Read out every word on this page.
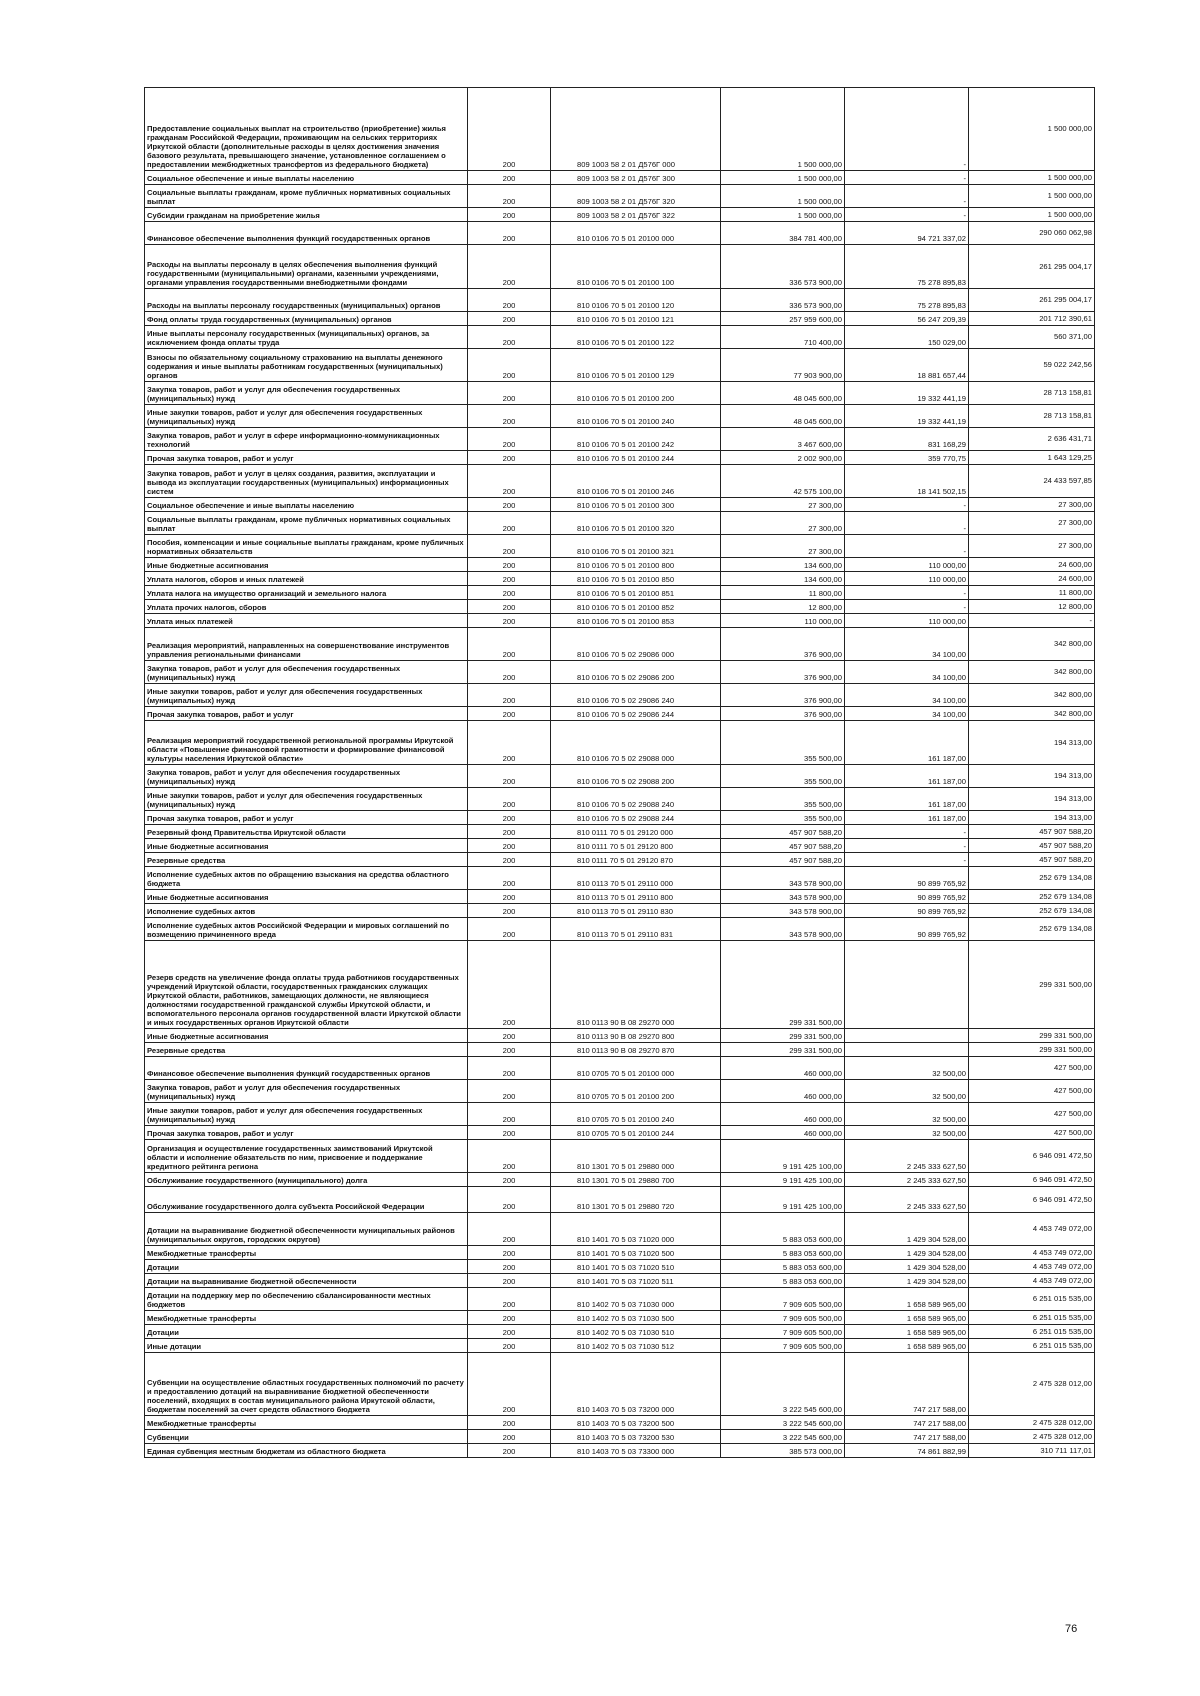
Предоставление социальных выплат на строительство (приобретение) жилья гражданам Российской Федерации, проживающим на сельских территориях Иркутской области (дополнительные расходы в целях достижения значения базового результата, превышающего значение, установленное соглашением о предоставлении межбюджетных трансфертов из федерального бюджета)	200	809 1003 58 2 01 Д576Г 000	1 500 000,00	-	1 500 000,00
Социальное обеспечение и иные выплаты населению	200	809 1003 58 2 01 Д576Г 300	1 500 000,00	-	1 500 000,00
Социальные выплаты гражданам, кроме публичных нормативных социальных выплат	200	809 1003 58 2 01 Д576Г 320	1 500 000,00	-	1 500 000,00
Субсидии гражданам на приобретение жилья	200	809 1003 58 2 01 Д576Г 322	1 500 000,00	-	1 500 000,00
Финансовое обеспечение выполнения функций государственных органов	200	810 0106 70 5 01 20100 000	384 781 400,00	94 721 337,02	290 060 062,98
Расходы на выплаты персоналу в целях обеспечения выполнения функций государственными (муниципальными) органами, казенными учреждениями, органами управления государственными внебюджетными фондами	200	810 0106 70 5 01 20100 100	336 573 900,00	75 278 895,83	261 295 004,17
Расходы на выплаты персоналу государственных (муниципальных) органов	200	810 0106 70 5 01 20100 120	336 573 900,00	75 278 895,83	261 295 004,17
Фонд оплаты труда государственных (муниципальных) органов	200	810 0106 70 5 01 20100 121	257 959 600,00	56 247 209,39	201 712 390,61
Иные выплаты персоналу государственных (муниципальных) органов, за исключением фонда оплаты труда	200	810 0106 70 5 01 20100 122	710 400,00	150 029,00	560 371,00
Взносы по обязательному социальному страхованию на выплаты денежного содержания и иные выплаты работникам государственных (муниципальных) органов	200	810 0106 70 5 01 20100 129	77 903 900,00	18 881 657,44	59 022 242,56
Закупка товаров, работ и услуг для обеспечения государственных (муниципальных) нужд	200	810 0106 70 5 01 20100 200	48 045 600,00	19 332 441,19	28 713 158,81
Иные закупки товаров, работ и услуг для обеспечения государственных (муниципальных) нужд	200	810 0106 70 5 01 20100 240	48 045 600,00	19 332 441,19	28 713 158,81
Закупка товаров, работ и услуг в сфере информационно-коммуникационных технологий	200	810 0106 70 5 01 20100 242	3 467 600,00	831 168,29	2 636 431,71
Прочая закупка товаров, работ и услуг	200	810 0106 70 5 01 20100 244	2 002 900,00	359 770,75	1 643 129,25
Закупка товаров, работ и услуг в целях создания, развития, эксплуатации и вывода из эксплуатации государственных (муниципальных) информационных систем	200	810 0106 70 5 01 20100 246	42 575 100,00	18 141 502,15	24 433 597,85
Социальное обеспечение и иные выплаты населению	200	810 0106 70 5 01 20100 300	27 300,00	-	27 300,00
Социальные выплаты гражданам, кроме публичных нормативных социальных выплат	200	810 0106 70 5 01 20100 320	27 300,00	-	27 300,00
Пособия, компенсации и иные социальные выплаты гражданам, кроме публичных нормативных обязательств	200	810 0106 70 5 01 20100 321	27 300,00	-	27 300,00
Иные бюджетные ассигнования	200	810 0106 70 5 01 20100 800	134 600,00	110 000,00	24 600,00
Уплата налогов, сборов и иных платежей	200	810 0106 70 5 01 20100 850	134 600,00	110 000,00	24 600,00
Уплата налога на имущество организаций и земельного налога	200	810 0106 70 5 01 20100 851	11 800,00	-	11 800,00
Уплата прочих налогов, сборов	200	810 0106 70 5 01 20100 852	12 800,00	-	12 800,00
Уплата иных платежей	200	810 0106 70 5 01 20100 853	110 000,00	110 000,00	-
Реализация мероприятий, направленных на совершенствование инструментов управления региональными финансами	200	810 0106 70 5 02 29086 000	376 900,00	34 100,00	342 800,00
Закупка товаров, работ и услуг для обеспечения государственных (муниципальных) нужд	200	810 0106 70 5 02 29086 200	376 900,00	34 100,00	342 800,00
Иные закупки товаров, работ и услуг для обеспечения государственных (муниципальных) нужд	200	810 0106 70 5 02 29086 240	376 900,00	34 100,00	342 800,00
Прочая закупка товаров, работ и услуг	200	810 0106 70 5 02 29086 244	376 900,00	34 100,00	342 800,00
Реализация мероприятий государственной региональной программы Иркутской области «Повышение финансовой грамотности и формирование финансовой культуры населения Иркутской области»	200	810 0106 70 5 02 29088 000	355 500,00	161 187,00	194 313,00
Закупка товаров, работ и услуг для обеспечения государственных (муниципальных) нужд	200	810 0106 70 5 02 29088 200	355 500,00	161 187,00	194 313,00
Иные закупки товаров, работ и услуг для обеспечения государственных (муниципальных) нужд	200	810 0106 70 5 02 29088 240	355 500,00	161 187,00	194 313,00
Прочая закупка товаров, работ и услуг	200	810 0106 70 5 02 29088 244	355 500,00	161 187,00	194 313,00
Резервный фонд Правительства Иркутской области	200	810 0111 70 5 01 29120 000	457 907 588,20	-	457 907 588,20
Иные бюджетные ассигнования	200	810 0111 70 5 01 29120 800	457 907 588,20	-	457 907 588,20
Резервные средства	200	810 0111 70 5 01 29120 870	457 907 588,20	-	457 907 588,20
Исполнение судебных актов по обращению взыскания на средства областного бюджета	200	810 0113 70 5 01 29110 000	343 578 900,00	90 899 765,92	252 679 134,08
Иные бюджетные ассигнования	200	810 0113 70 5 01 29110 800	343 578 900,00	90 899 765,92	252 679 134,08
Исполнение судебных актов	200	810 0113 70 5 01 29110 830	343 578 900,00	90 899 765,92	252 679 134,08
Исполнение судебных актов Российской Федерации и мировых соглашений по возмещению причиненного вреда	200	810 0113 70 5 01 29110 831	343 578 900,00	90 899 765,92	252 679 134,08
Резерв средств на увеличение фонда оплаты труда работников государственных учреждений Иркутской области, государственных гражданских служащих Иркутской области, работников, замещающих должности, не являющиеся должностями государственной гражданской службы Иркутской области, и вспомогательного персонала органов государственной власти Иркутской области и иных государственных органов Иркутской области	200	810 0113 90 В 08 29270 000	299 331 500,00		299 331 500,00
Иные бюджетные ассигнования	200	810 0113 90 В 08 29270 800	299 331 500,00		299 331 500,00
Резервные средства	200	810 0113 90 В 08 29270 870	299 331 500,00		299 331 500,00
Финансовое обеспечение выполнения функций государственных органов	200	810 0705 70 5 01 20100 000	460 000,00	32 500,00	427 500,00
Закупка товаров, работ и услуг для обеспечения государственных (муниципальных) нужд	200	810 0705 70 5 01 20100 200	460 000,00	32 500,00	427 500,00
Иные закупки товаров, работ и услуг для обеспечения государственных (муниципальных) нужд	200	810 0705 70 5 01 20100 240	460 000,00	32 500,00	427 500,00
Прочая закупка товаров, работ и услуг	200	810 0705 70 5 01 20100 244	460 000,00	32 500,00	427 500,00
Организация и осуществление государственных заимствований Иркутской области и исполнение обязательств по ним, присвоение и поддержание кредитного рейтинга региона	200	810 1301 70 5 01 29880 000	9 191 425 100,00	2 245 333 627,50	6 946 091 472,50
Обслуживание государственного (муниципального) долга	200	810 1301 70 5 01 29880 700	9 191 425 100,00	2 245 333 627,50	6 946 091 472,50
Обслуживание государственного долга субъекта Российской Федерации	200	810 1301 70 5 01 29880 720	9 191 425 100,00	2 245 333 627,50	6 946 091 472,50
Дотации на выравнивание бюджетной обеспеченности муниципальных районов (муниципальных округов, городских округов)	200	810 1401 70 5 03 71020 000	5 883 053 600,00	1 429 304 528,00	4 453 749 072,00
Межбюджетные трансферты	200	810 1401 70 5 03 71020 500	5 883 053 600,00	1 429 304 528,00	4 453 749 072,00
Дотации	200	810 1401 70 5 03 71020 510	5 883 053 600,00	1 429 304 528,00	4 453 749 072,00
Дотации на выравнивание бюджетной обеспеченности	200	810 1401 70 5 03 71020 511	5 883 053 600,00	1 429 304 528,00	4 453 749 072,00
Дотации на поддержку мер по обеспечению сбалансированности местных бюджетов	200	810 1402 70 5 03 71030 000	7 909 605 500,00	1 658 589 965,00	6 251 015 535,00
Межбюджетные трансферты	200	810 1402 70 5 03 71030 500	7 909 605 500,00	1 658 589 965,00	6 251 015 535,00
Дотации	200	810 1402 70 5 03 71030 510	7 909 605 500,00	1 658 589 965,00	6 251 015 535,00
Иные дотации	200	810 1402 70 5 03 71030 512	7 909 605 500,00	1 658 589 965,00	6 251 015 535,00
Субвенции на осуществление областных государственных полномочий по расчету и предоставлению дотаций на выравнивание бюджетной обеспеченности поселений, входящих в состав муниципального района Иркутской области, бюджетам поселений за счет средств областного бюджета	200	810 1403 70 5 03 73200 000	3 222 545 600,00	747 217 588,00	2 475 328 012,00
Межбюджетные трансферты	200	810 1403 70 5 03 73200 500	3 222 545 600,00	747 217 588,00	2 475 328 012,00
Субвенции	200	810 1403 70 5 03 73200 530	3 222 545 600,00	747 217 588,00	2 475 328 012,00
Единая субвенция местным бюджетам из областного бюджета	200	810 1403 70 5 03 73300 000	385 573 000,00	74 861 882,99	310 711 117,01
76
